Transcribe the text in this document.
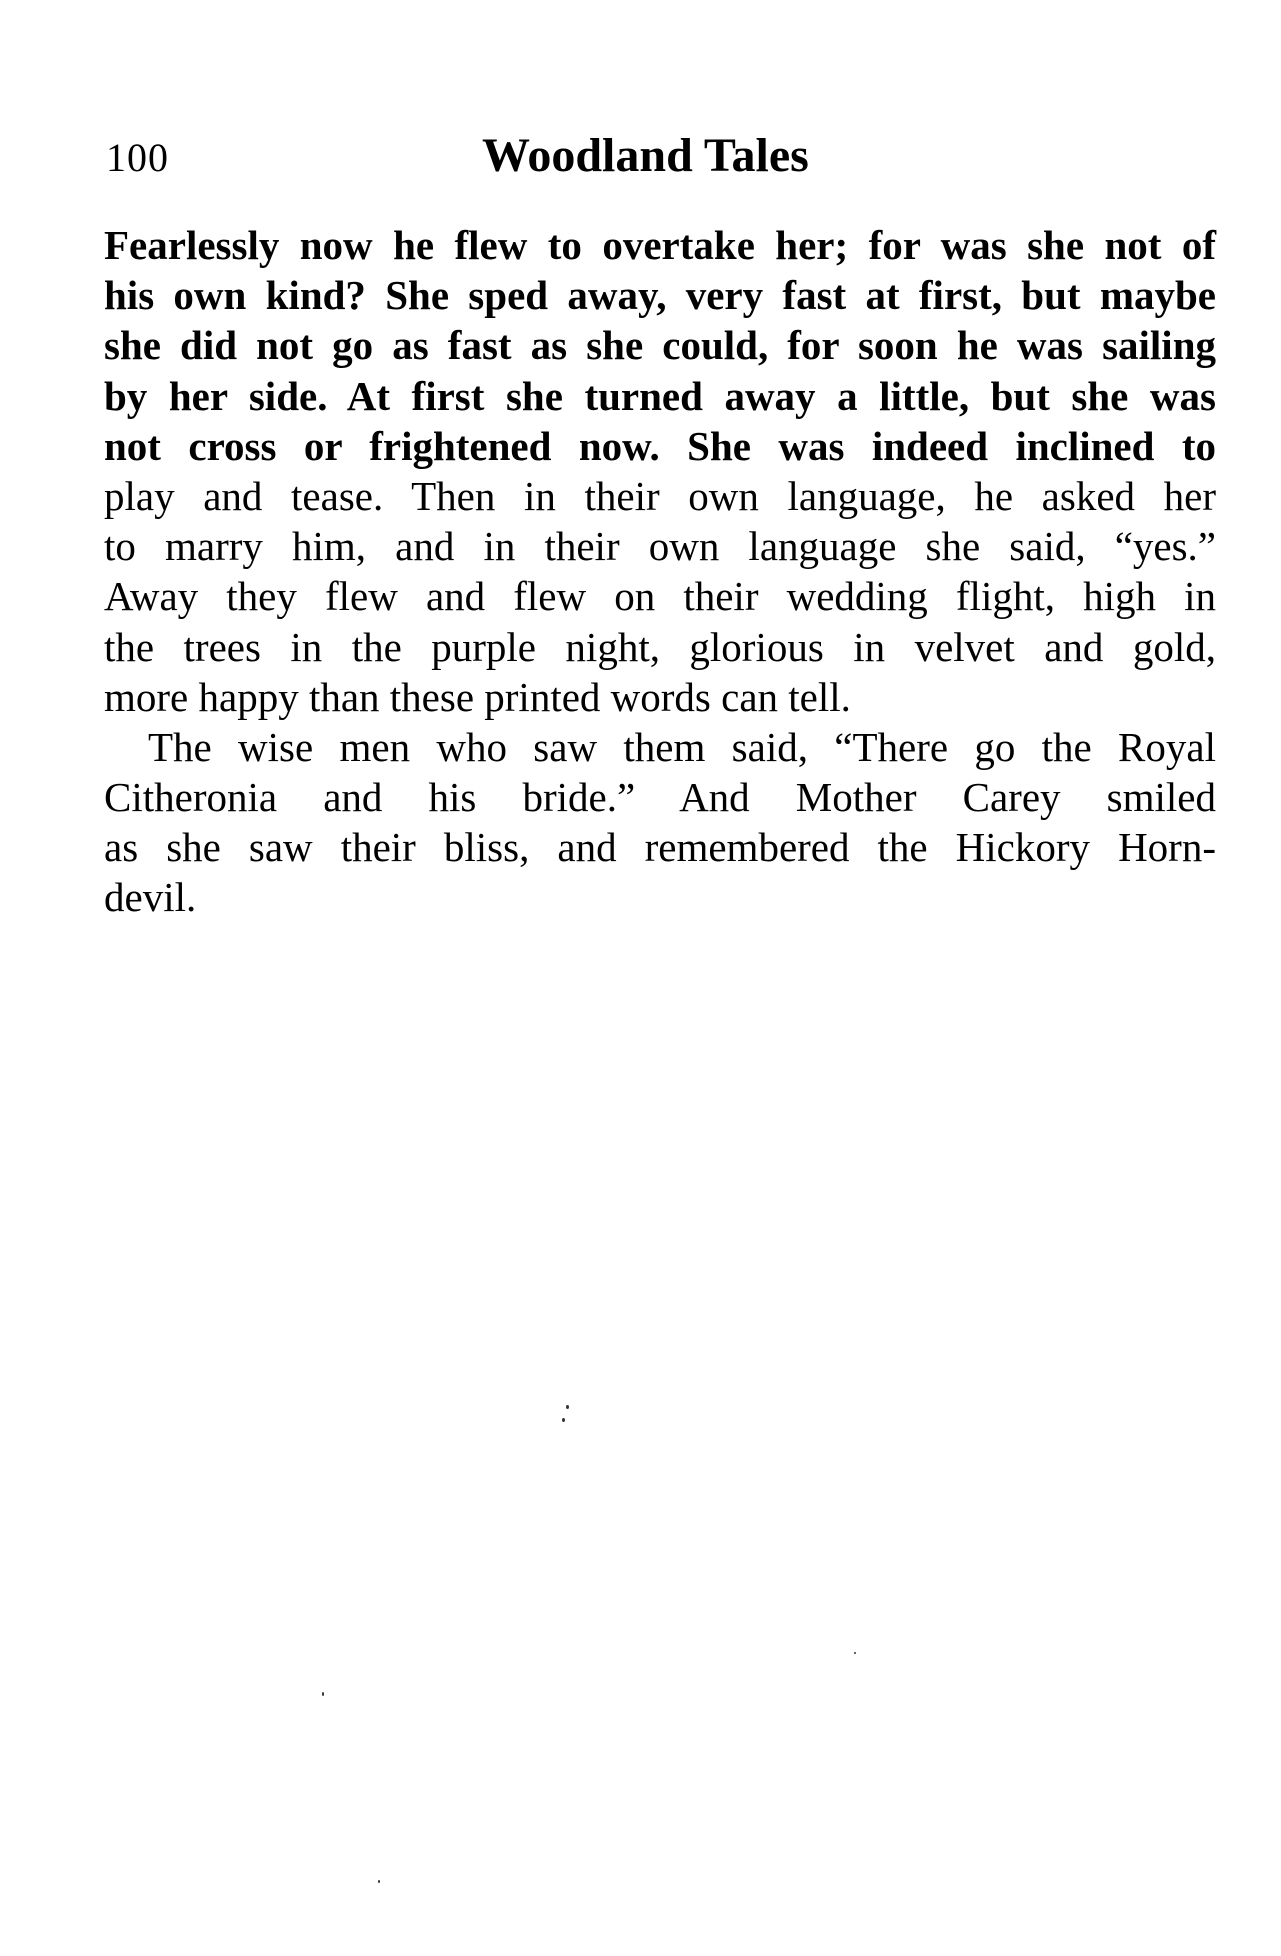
100	Woodland Tales
Fearlessly now he flew to overtake her; for was she not of
his own kind? She sped away, very fast at first, but maybe
she did not go as fast as she could, for soon he was sailing
by her side. At first she turned away a little, but she was
not cross or frightened now. She was indeed inclined to
play and tease. Then in their own language, he asked her
to marry him, and in their own language she said, “yes.”
Away they flew and flew on their wedding flight, high in
the trees in the purple night, glorious in velvet and gold,
more happy than these printed words can tell.
The wise men who saw them said, “There go the Royal
Citheronia and his bride.” And Mother Carey smiled
as she saw their bliss, and remembered the Hickory Horn-
devil.
